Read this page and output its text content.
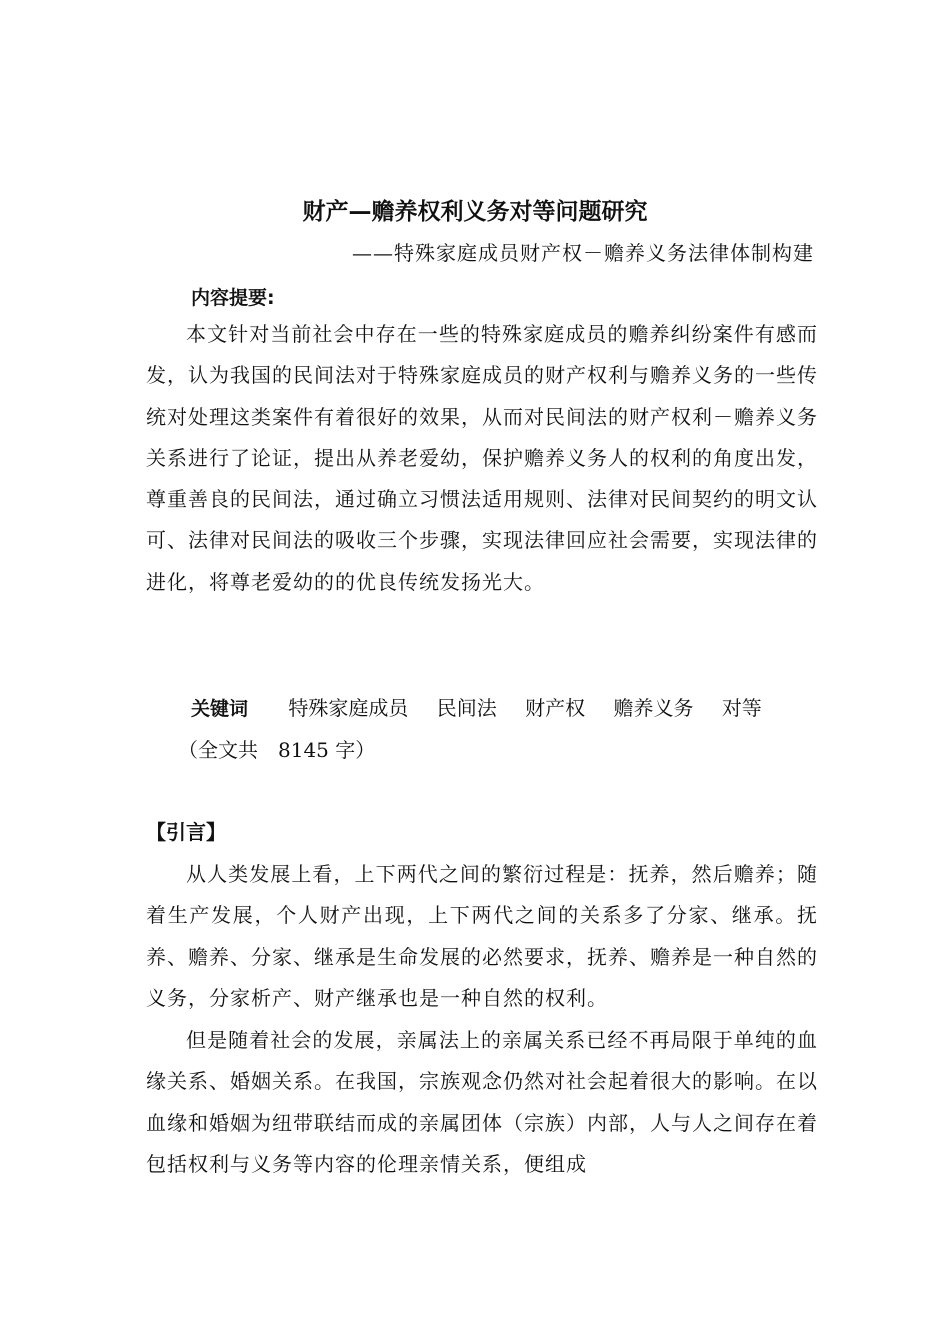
财产—赡养权利义务对等问题研究

——特殊家庭成员财产权－赡养义务法律体制构建

内容提要:

本文针对当前社会中存在一些的特殊家庭成员的赡养纠纷案件有感而发，认为我国的民间法对于特殊家庭成员的财产权利与赡养义务的一些传统对处理这类案件有着很好的效果，从而对民间法的财产权利－赡养义务关系进行了论证，提出从养老爱幼，保护赡养义务人的权利的角度出发，尊重善良的民间法，通过确立习惯法适用规则、法律对民间契约的明文认可、法律对民间法的吸收三个步骤，实现法律回应社会需要，实现法律的进化，将尊老爱幼的的优良传统发扬光大。

关键词 特殊家庭成员 民间法 财产权 赡养义务 对等

（全文共　8145 字）

【引言】

从人类发展上看，上下两代之间的繁衍过程是：抚养，然后赡养；随着生产发展，个人财产出现，上下两代之间的关系多了分家、继承。抚养、赡养、分家、继承是生命发展的必然要求，抚养、赡养是一种自然的义务，分家析产、财产继承也是一种自然的权利。

但是随着社会的发展，亲属法上的亲属关系已经不再局限于单纯的血缘关系、婚姻关系。在我国，宗族观念仍然对社会起着很大的影响。在以血缘和婚姻为纽带联结而成的亲属团体（宗族）内部，人与人之间存在着包括权利与义务等内容的伦理亲情关系，便组成
